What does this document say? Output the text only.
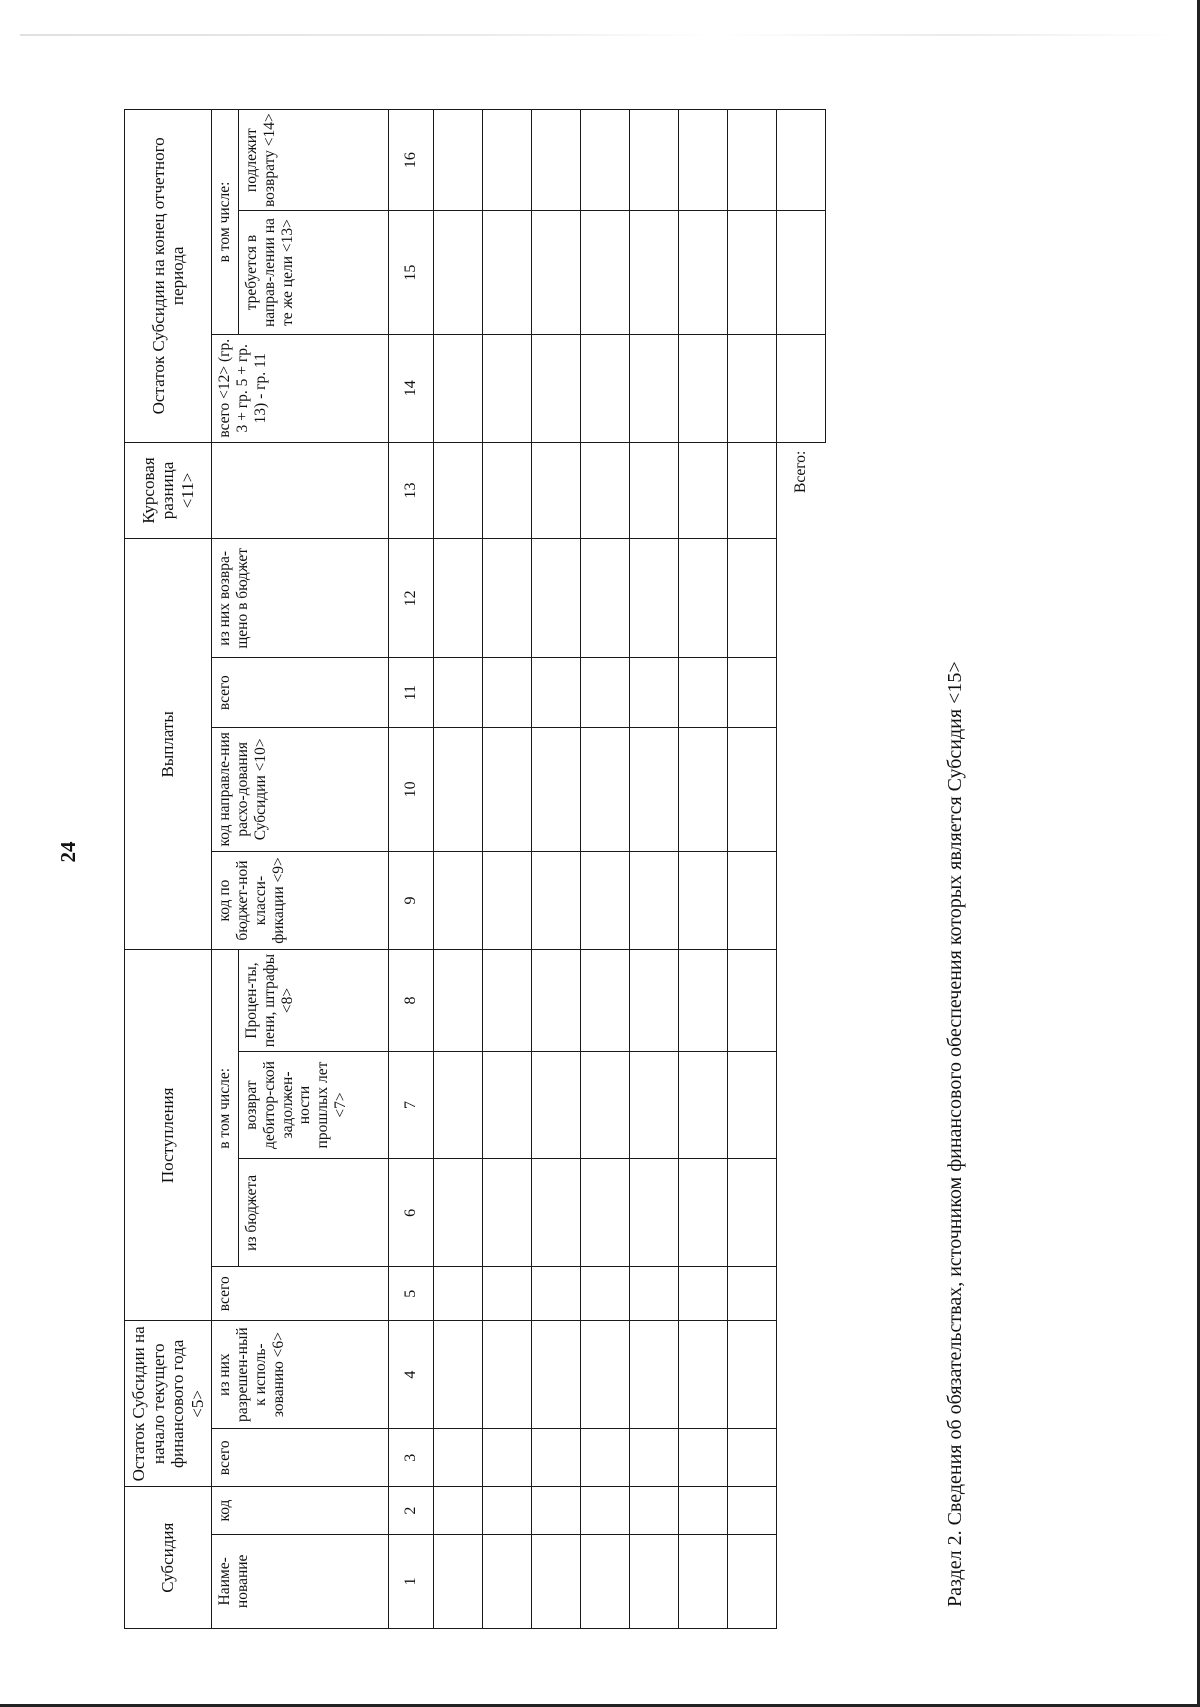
24
Субсидия		Остаток Субсидии на начало текущего финансового года <5>		Поступления				Выплаты				Курсовая разница <11>	Остаток Субсидии на конец отчетного периода		

Наиме-нование	код	всего	из них разрешен-ный к исполь-зованию <6>	всего	в том числе:			код по бюджет-ной класси-фикации <9>	код направле-ния расхо-дования Субсидии <10>	всего	из них возвра-щено в бюджет		всего <12> (гр. 3 + гр. 5 + гр. 13) - гр. 11	в том числе:	
					из бюджета	возврат дебитор-ской задолжен-ности прошлых лет <7>	Процен-ты, пени, штрафы <8>							требуется в направ-лении на те же цели <13>	подлежит возврату <14>
1	2	3	4	5	6	7	8	9	10	11	12	13	14	15	16

												Всего:			
Раздел 2. Сведения об обязательствах, источником финансового обеспечения которых является Субсидия <15>
